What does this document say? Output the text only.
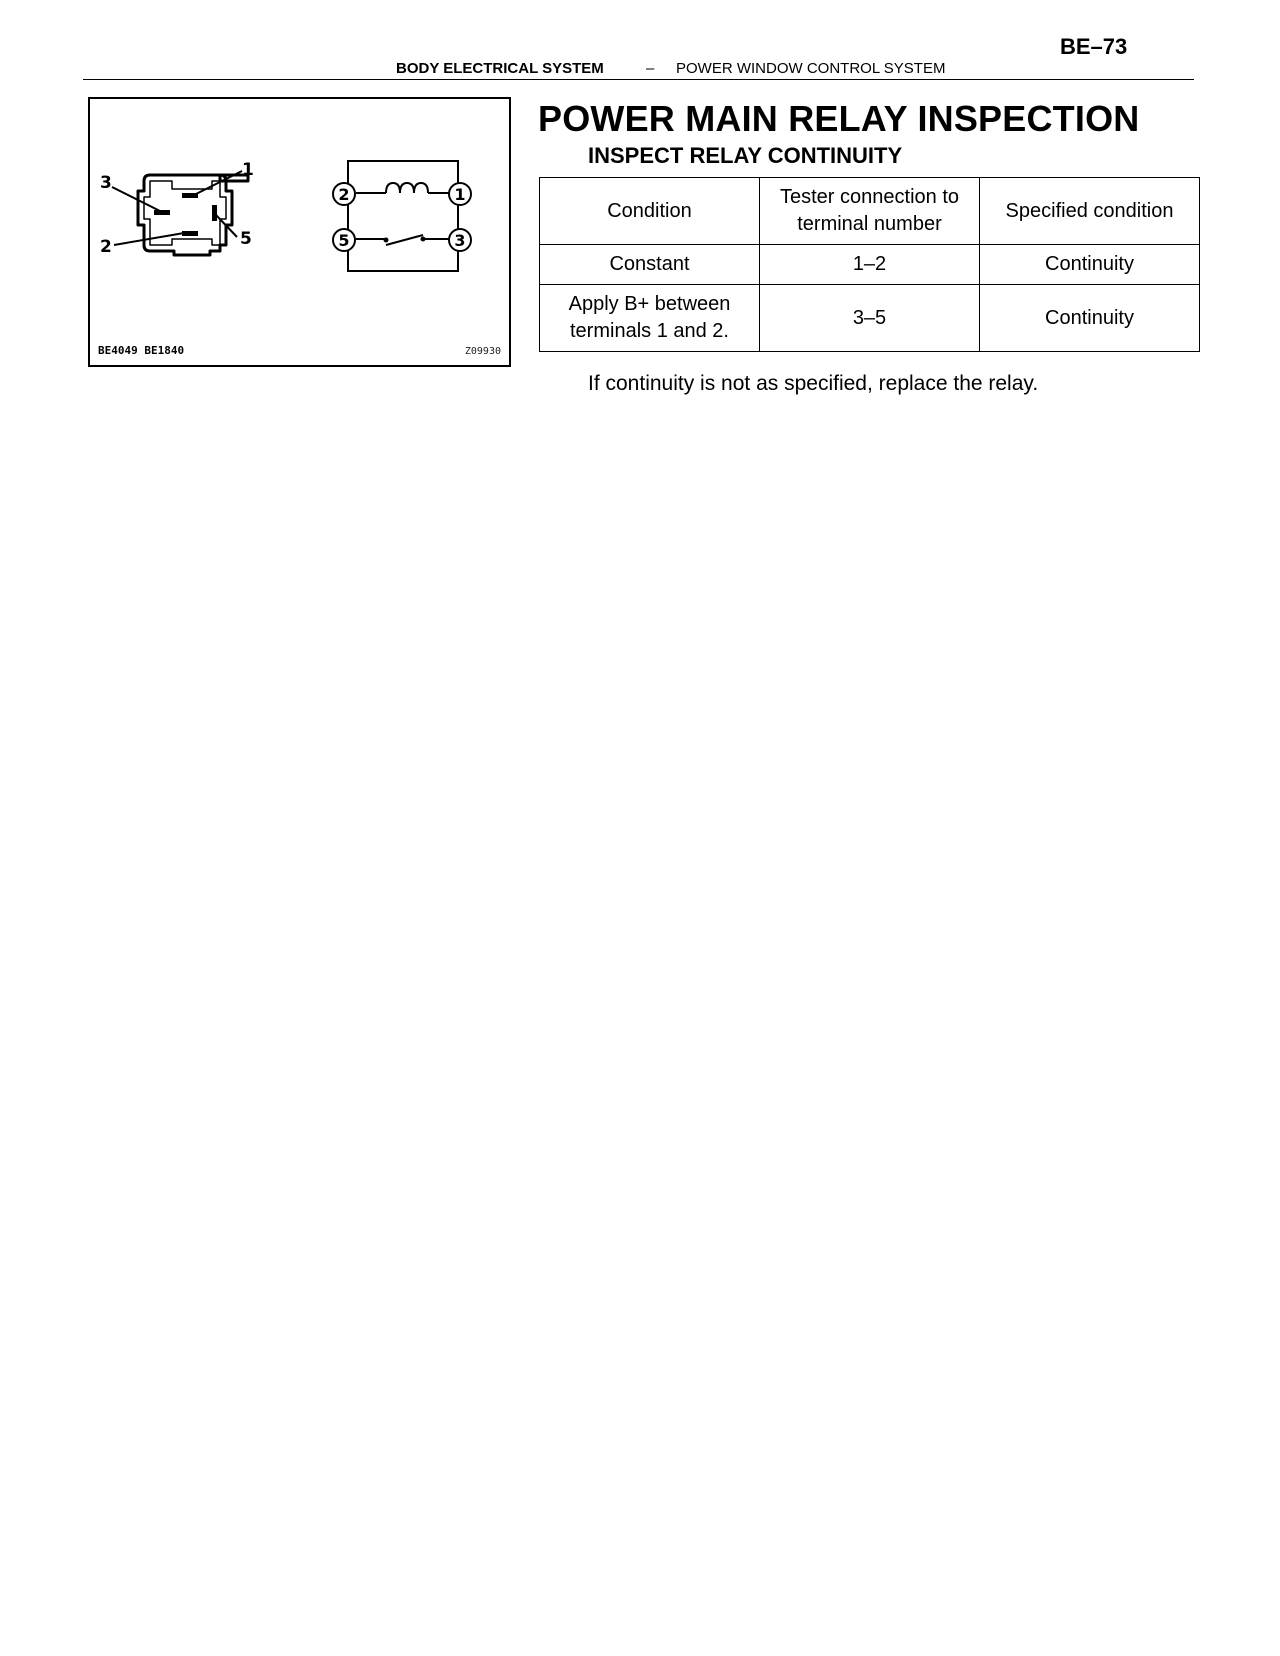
BE–73
BODY ELECTRICAL SYSTEM	– POWER WINDOW CONTROL SYSTEM
1
3
2	5
2	1
5	3
BE4049 BE1840	Z09930
POWER MAIN RELAY INSPECTION
INSPECT RELAY CONTINUITY
Condition	Tester connection to terminal number	Specified condition
Constant	1–2	Continuity
Apply B+ between terminals 1 and 2.	3–5	Continuity

If continuity is not as specified, replace the relay.
